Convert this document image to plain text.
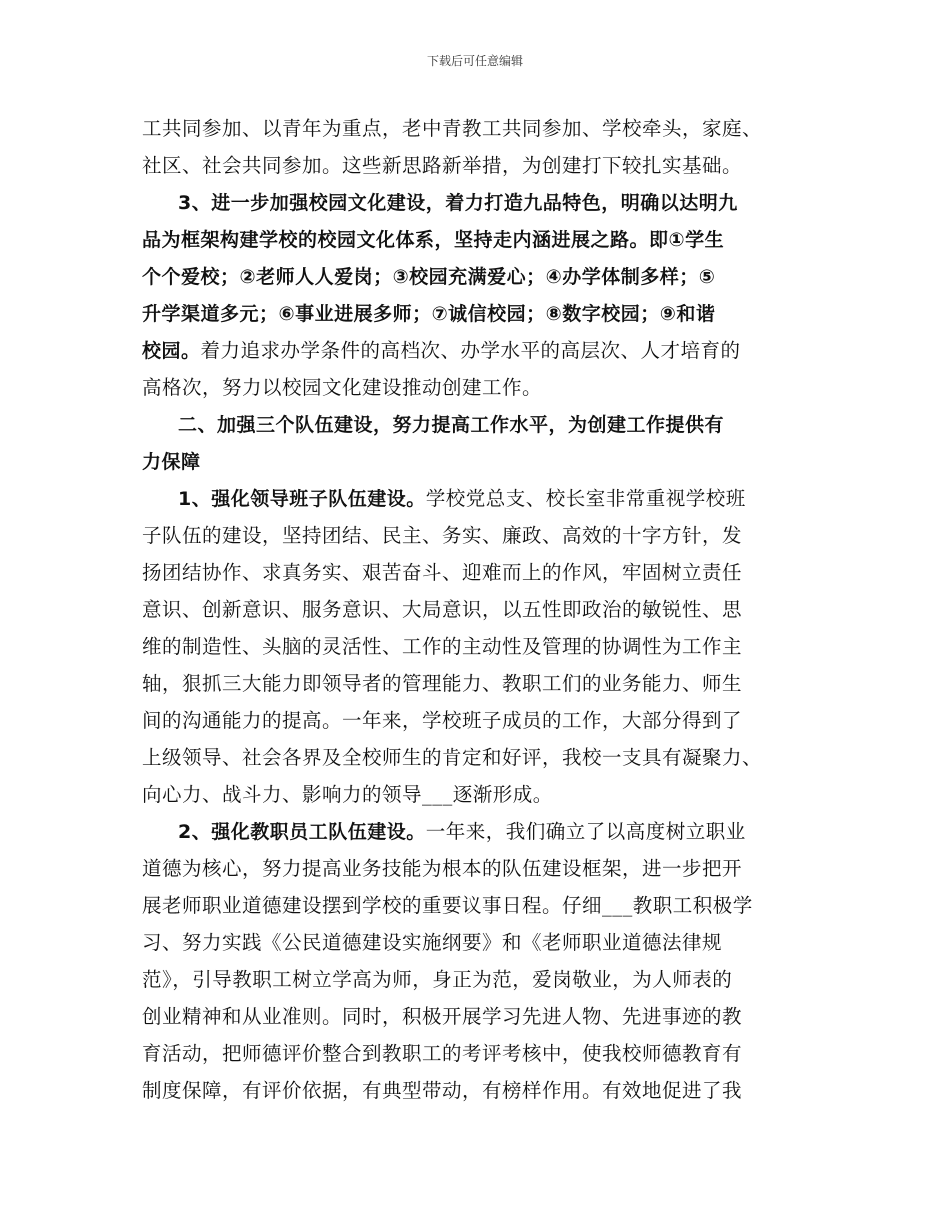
下载后可任意编辑
工共同参加、以青年为重点，老中青教工共同参加、学校牵头，家庭、
社区、社会共同参加。这些新思路新举措，为创建打下较扎实基础。
3、进一步加强校园文化建设，着力打造九品特色，明确以达明九
品为框架构建学校的校园文化体系，坚持走内涵进展之路。即①学生
个个爱校；②老师人人爱岗；③校园充满爱心；④办学体制多样；⑤
升学渠道多元；⑥事业进展多师；⑦诚信校园；⑧数字校园；⑨和谐
校园。着力追求办学条件的高档次、办学水平的高层次、人才培育的
高格次，努力以校园文化建设推动创建工作。
二、加强三个队伍建设，努力提高工作水平，为创建工作提供有
力保障
1、强化领导班子队伍建设。学校党总支、校长室非常重视学校班
子队伍的建设，坚持团结、民主、务实、廉政、高效的十字方针，发
扬团结协作、求真务实、艰苦奋斗、迎难而上的作风，牢固树立责任
意识、创新意识、服务意识、大局意识，以五性即政治的敏锐性、思
维的制造性、头脑的灵活性、工作的主动性及管理的协调性为工作主
轴，狠抓三大能力即领导者的管理能力、教职工们的业务能力、师生
间的沟通能力的提高。一年来，学校班子成员的工作，大部分得到了
上级领导、社会各界及全校师生的肯定和好评，我校一支具有凝聚力、
向心力、战斗力、影响力的领导___逐渐形成。
2、强化教职员工队伍建设。一年来，我们确立了以高度树立职业
道德为核心，努力提高业务技能为根本的队伍建设框架，进一步把开
展老师职业道德建设摆到学校的重要议事日程。仔细___教职工积极学
习、努力实践《公民道德建设实施纲要》和《老师职业道德法律规
范》，引导教职工树立学高为师，身正为范，爱岗敬业，为人师表的
创业精神和从业准则。同时，积极开展学习先进人物、先进事迹的教
育活动，把师德评价整合到教职工的考评考核中，使我校师德教育有
制度保障，有评价依据，有典型带动，有榜样作用。有效地促进了我
